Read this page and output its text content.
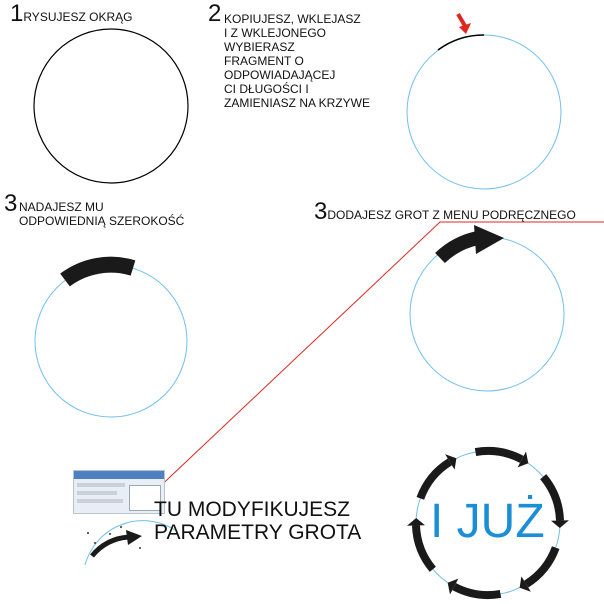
1RYSUJESZ OKRĄG	2 KOPIUJESZ, WKLEJASZ
I Z WKLEJONEGO
WYBIERASZ
FRAGMENT O
ODPOWIADAJĄCEJ
CI DŁUGOŚCI I
ZAMIENIASZ NA KRZYWE
3 NADAJESZ MU
ODPOWIEDNIĄ SZEROKOŚĆ	3DODAJESZ GROT Z MENU PODRĘCZNEGO
TU MODYFIKUJESZ
PARAMETRY GROTA I JUŻ
